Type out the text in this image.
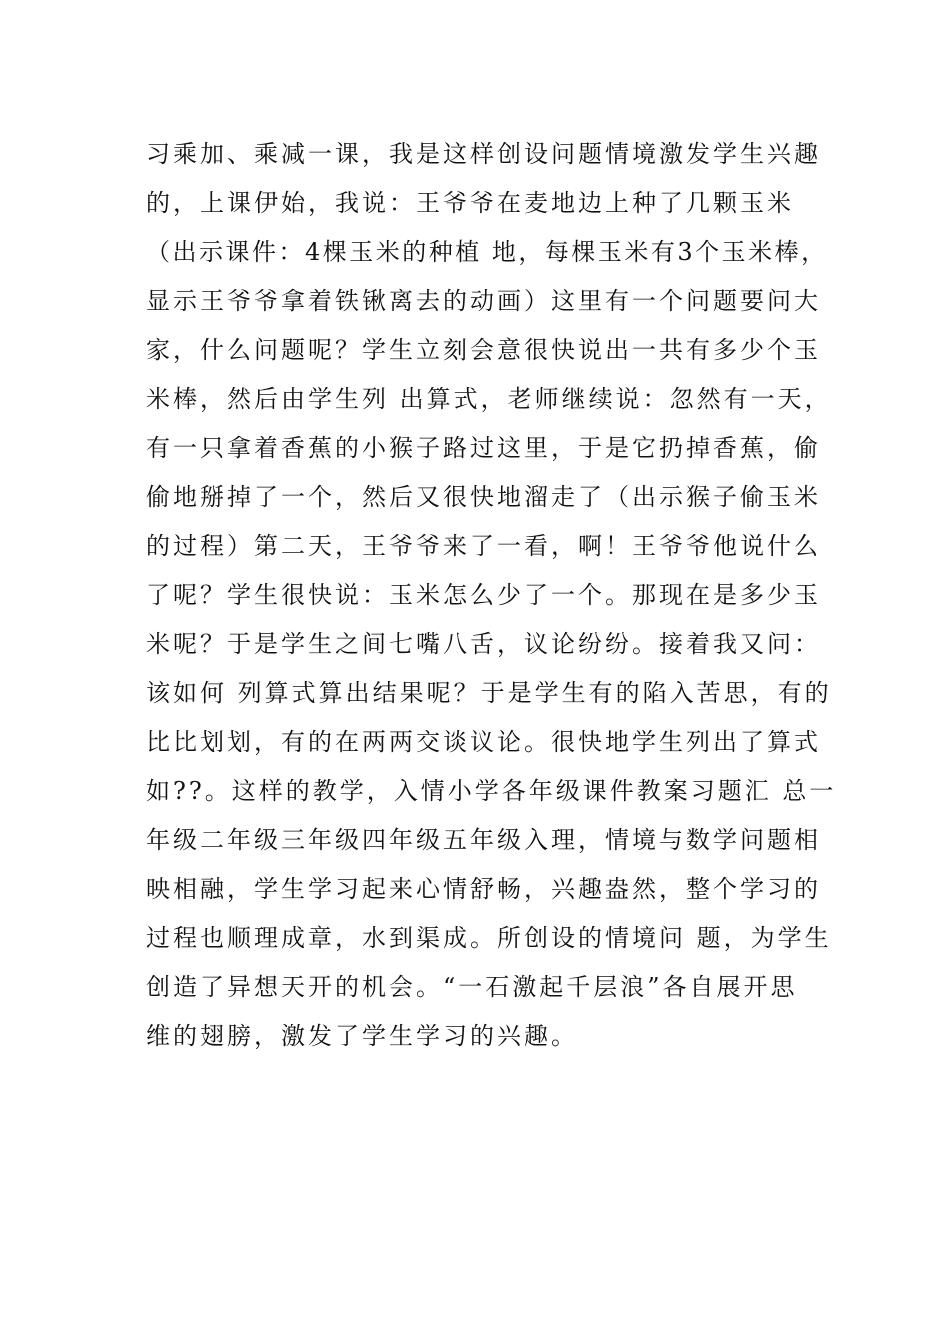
习乘加、乘减一课，我是这样创设问题情境激发学生兴趣
的，上课伊始，我说：王爷爷在麦地边上种了几颗玉米
（出示课件：4棵玉米的种植 地，每棵玉米有3个玉米棒，
显示王爷爷拿着铁锹离去的动画）这里有一个问题要问大
家，什么问题呢？学生立刻会意很快说出一共有多少个玉
米棒，然后由学生列 出算式，老师继续说：忽然有一天，
有一只拿着香蕉的小猴子路过这里，于是它扔掉香蕉，偷
偷地掰掉了一个，然后又很快地溜走了（出示猴子偷玉米
的过程）第二天，王爷爷来了一看，啊！王爷爷他说什么
了呢？学生很快说：玉米怎么少了一个。那现在是多少玉
米呢？于是学生之间七嘴八舌，议论纷纷。接着我又问：
该如何 列算式算出结果呢？于是学生有的陷入苦思，有的
比比划划，有的在两两交谈议论。很快地学生列出了算式
如??。这样的教学，入情小学各年级课件教案习题汇 总一
年级二年级三年级四年级五年级入理，情境与数学问题相
映相融，学生学习起来心情舒畅，兴趣盎然，整个学习的
过程也顺理成章，水到渠成。所创设的情境问 题，为学生
创造了异想天开的机会。“一石激起千层浪”各自展开思
维的翅膀，激发了学生学习的兴趣。
